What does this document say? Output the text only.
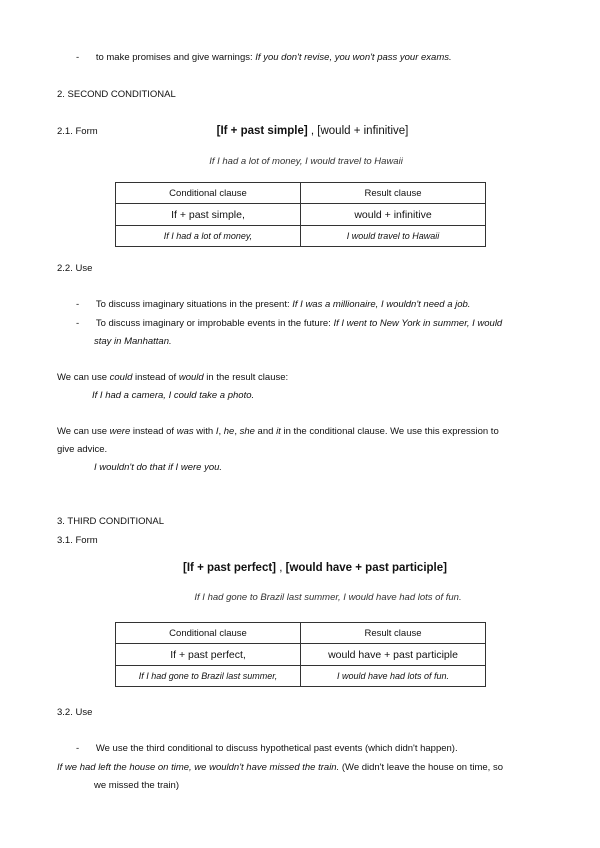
- to make promises and give warnings: If you don't revise, you won't pass your exams.
2. SECOND CONDITIONAL
2.1. Form	[If + past simple] , [would + infinitive]
If I had a lot of money, I would travel to Hawaii
Conditional clause	Result clause
If + past simple,	would + infinitive
If I had a lot of money,	I would travel to Hawaii
2.2. Use
- To discuss imaginary situations in the present: If I was a millionaire, I wouldn't need a job.
- To discuss imaginary or improbable events in the future: If I went to New York in summer, I would
stay in Manhattan.
We can use could instead of would in the result clause:
If I had a camera, I could take a photo.
We can use were instead of was with I, he, she and it in the conditional clause. We use this expression to
give advice.
I wouldn't do that if I were you.
3. THIRD CONDITIONAL
3.1. Form
[If + past perfect] , [would have + past participle]
If I had gone to Brazil last summer, I would have had lots of fun.
Conditional clause	Result clause
If + past perfect,	would have + past participle
If I had gone to Brazil last summer,	I would have had lots of fun.
3.2. Use
- We use the third conditional to discuss hypothetical past events (which didn't happen).
If we had left the house on time, we wouldn't have missed the train. (We didn't leave the house on time, so
we missed the train)
